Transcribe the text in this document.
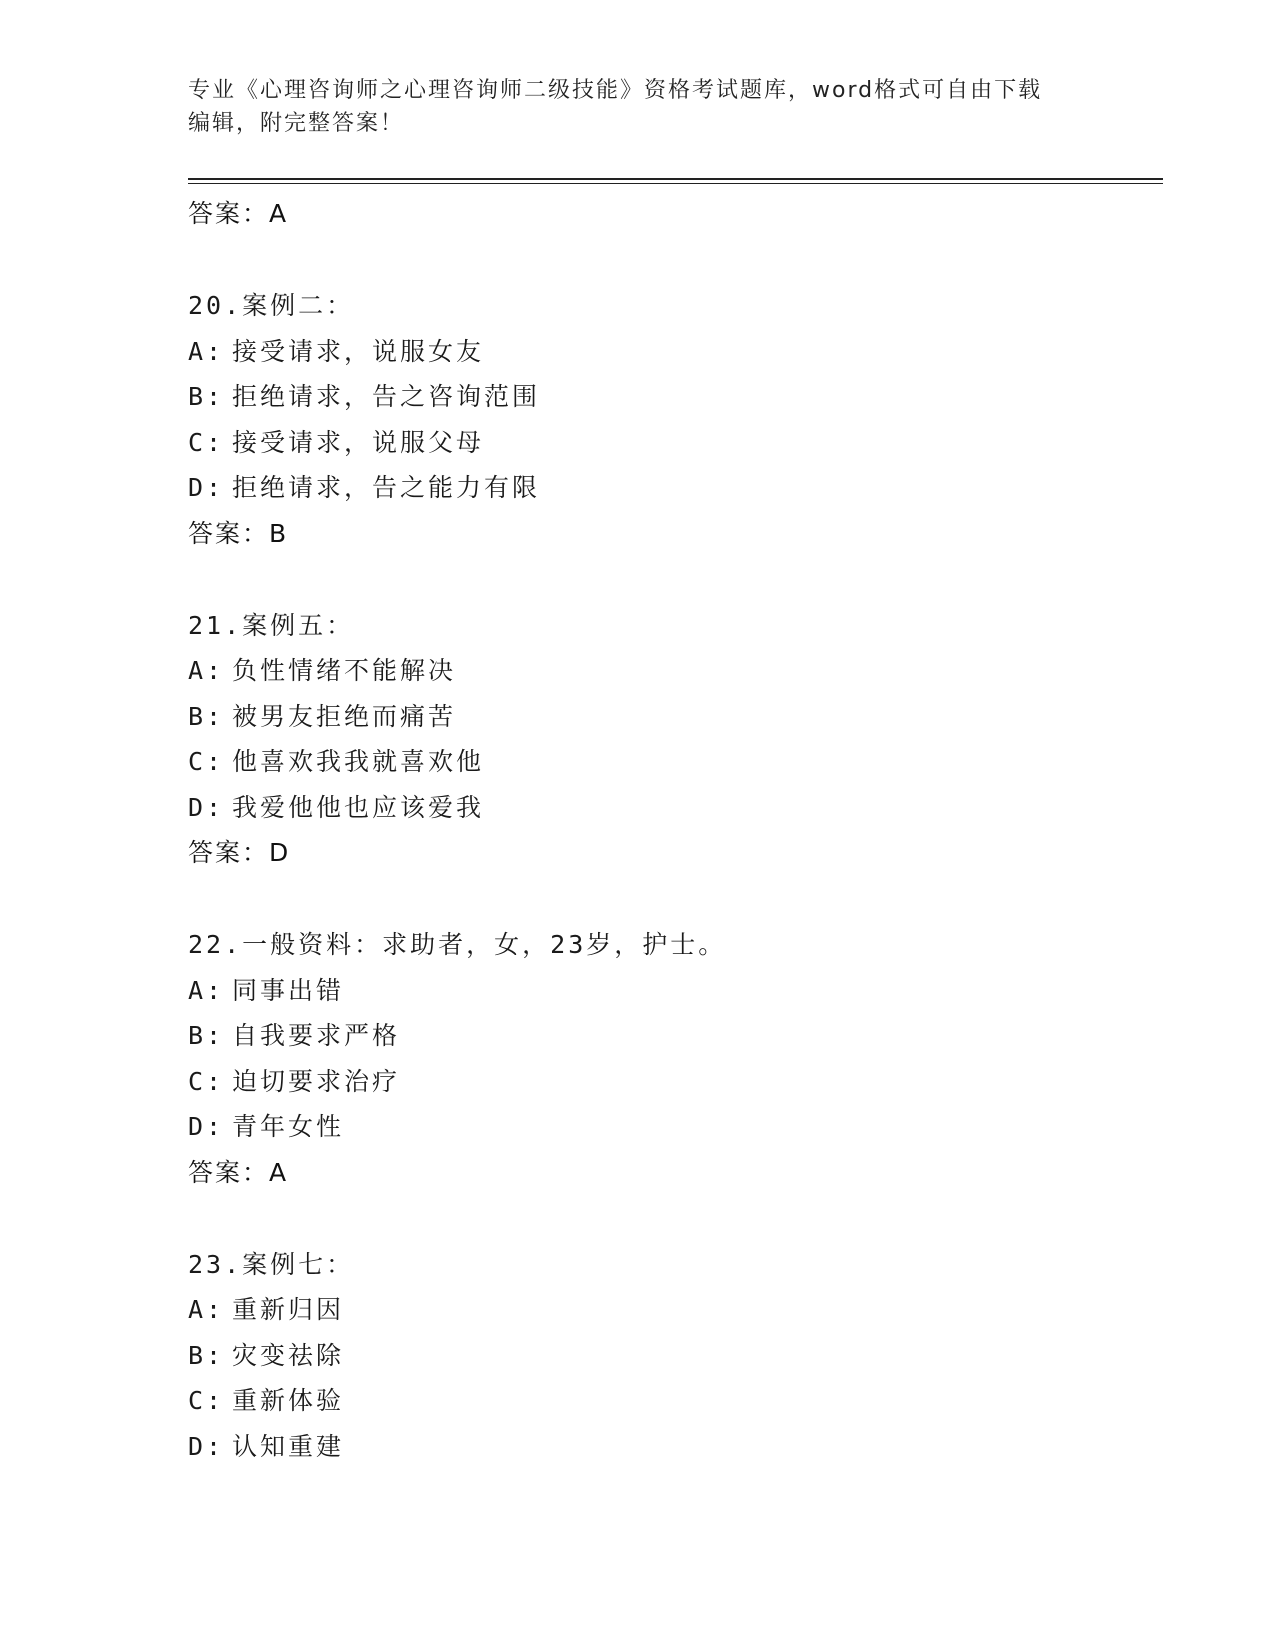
专业《心理咨询师之心理咨询师二级技能》资格考试题库，word格式可自由下载
编辑，附完整答案！
答案：A
20.案例二：
A: 接受请求，说服女友
B: 拒绝请求，告之咨询范围
C: 接受请求，说服父母
D: 拒绝请求，告之能力有限
答案：B
21.案例五：
A: 负性情绪不能解决
B: 被男友拒绝而痛苦
C: 他喜欢我我就喜欢他
D: 我爱他他也应该爱我
答案：D
22.一般资料：求助者，女，23岁，护士。
A: 同事出错
B: 自我要求严格
C: 迫切要求治疗
D: 青年女性
答案：A
23.案例七：
A: 重新归因
B: 灾变祛除
C: 重新体验
D: 认知重建
